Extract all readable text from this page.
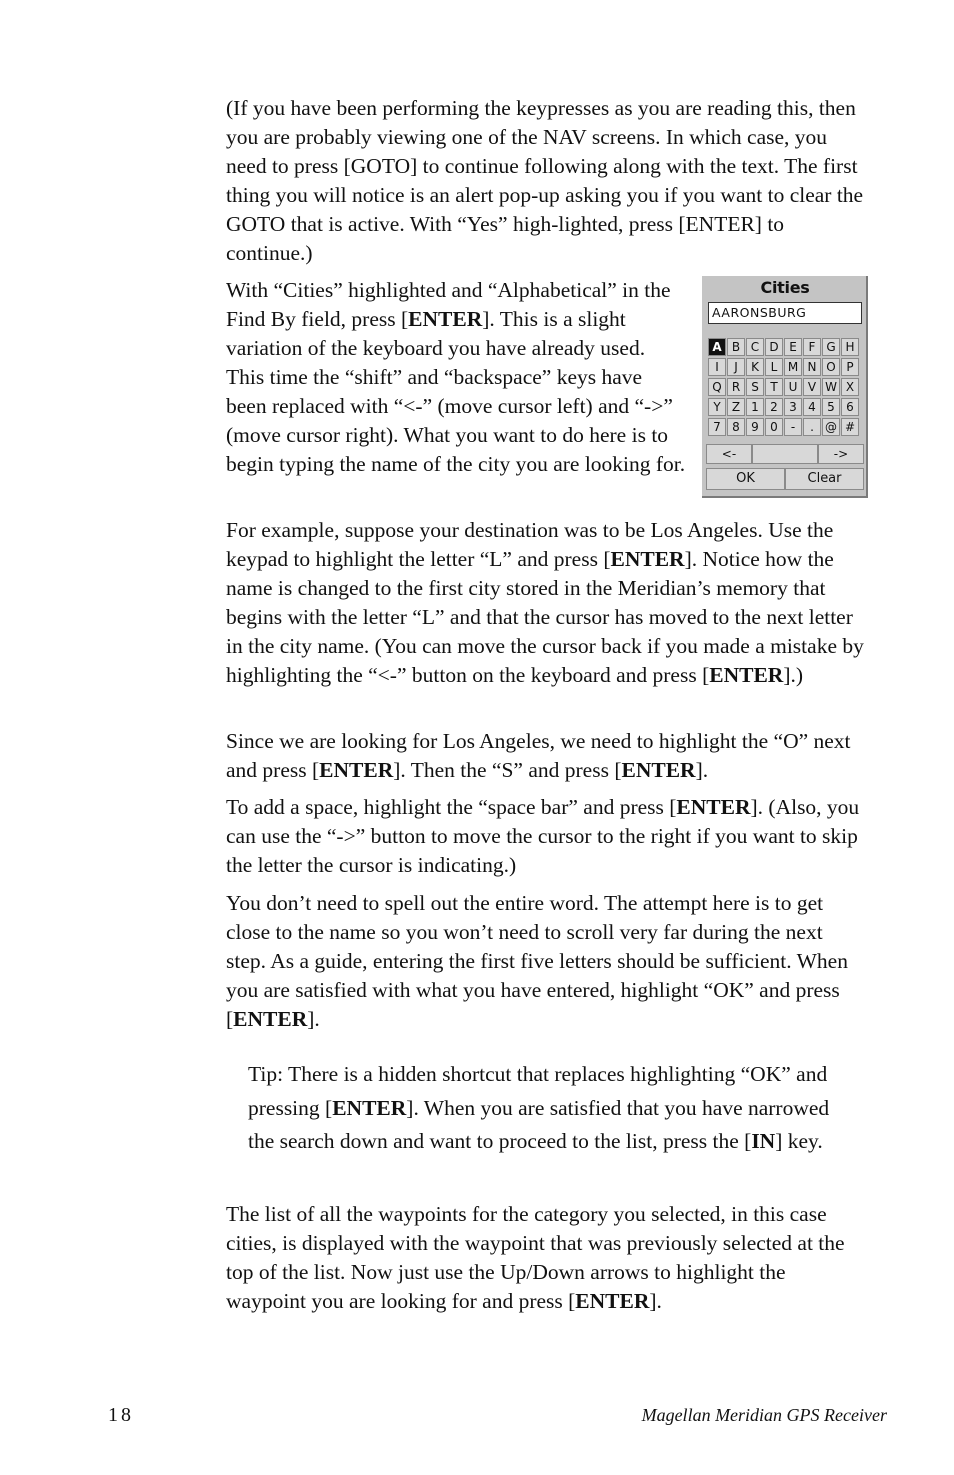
(If you have been performing the keypresses as you are reading this, then you are probably viewing one of the NAV screens. In which case, you need to press [GOTO] to continue following along with the text. The first thing you will notice is an alert pop-up asking you if you want to clear the GOTO that is active. With “Yes” high-lighted, press [ENTER] to continue.)

With “Cities” highlighted and “Alphabetical” in the Find By field, press [ENTER]. This is a slight variation of the keyboard you have already used. This time the “shift” and “backspace” keys have been replaced with “<-” (move cursor left) and “->” (move cursor right). What you want to do here is to begin typing the name of the city you are looking for.

Cities
AARONSBURG
A B C D E F G H
I	J	K L M N O P
Q R S T U V W X
Y Z 1 2 3 4 5 6
7 8 9 0	-	. @ #
<-	->
OK	Clear

For example, suppose your destination was to be Los Angeles. Use the keypad to highlight the letter “L” and press [ENTER]. Notice how the name is changed to the first city stored in the Meridian’s memory that begins with the letter “L” and that the cursor has moved to the next letter in the city name. (You can move the cursor back if you made a mistake by highlighting the “<-” button on the keyboard and press [ENTER].)

Since we are looking for Los Angeles, we need to highlight the “O” next and press [ENTER]. Then the “S” and press [ENTER].

To add a space, highlight the “space bar” and press [ENTER]. (Also, you can use the “->” button to move the cursor to the right if you want to skip the letter the cursor is indicating.)

You don’t need to spell out the entire word. The attempt here is to get close to the name so you won’t need to scroll very far during the next step. As a guide, entering the first five letters should be sufficient. When you are satisfied with what you have entered, highlight “OK” and press [ENTER].

Tip: There is a hidden shortcut that replaces highlighting “OK” and pressing [ENTER]. When you are satisfied that you have narrowed the search down and want to proceed to the list, press the [IN] key.

The list of all the waypoints for the category you selected, in this case cities, is displayed with the waypoint that was previously selected at the top of the list. Now just use the Up/Down arrows to highlight the waypoint you are looking for and press [ENTER].

18	Magellan Meridian GPS Receiver
